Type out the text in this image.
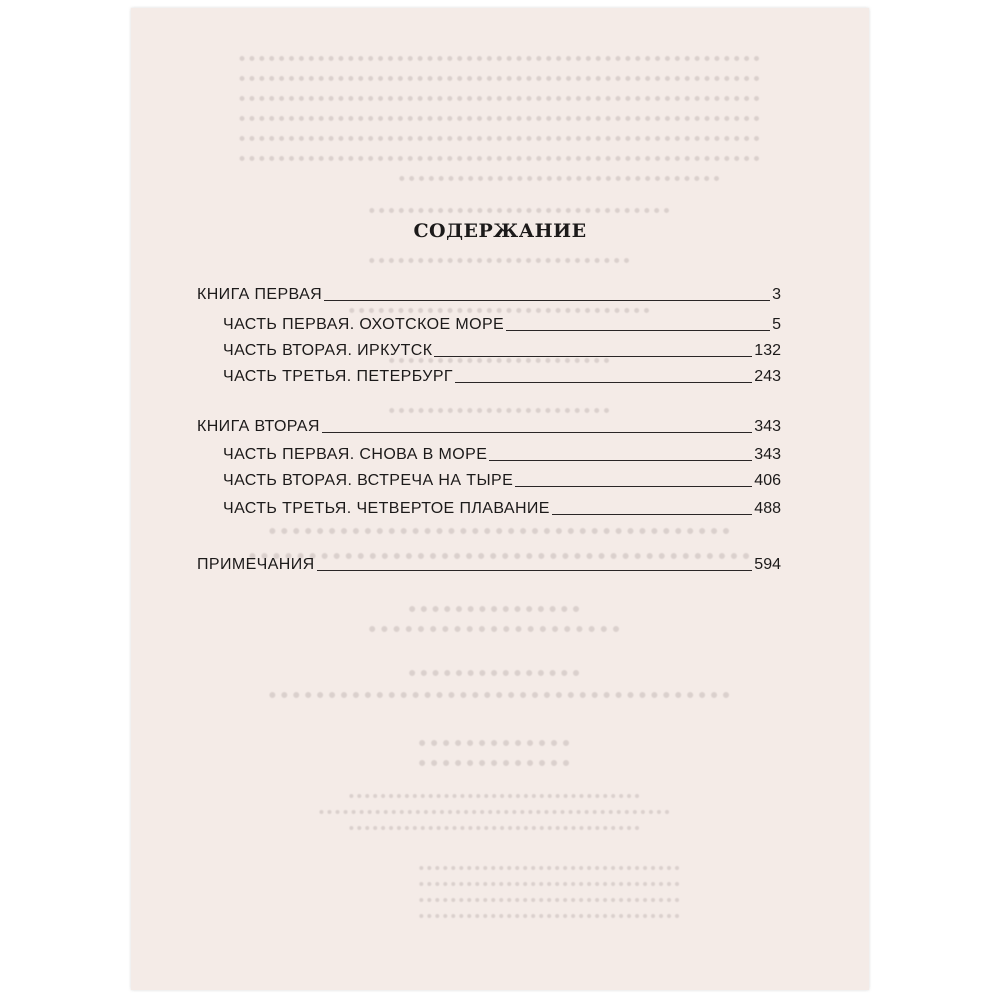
СОДЕРЖАНИЕ
КНИГА ПЕРВАЯ	3
ЧАСТЬ ПЕРВАЯ. ОХОТСКОЕ МОРЕ	5
ЧАСТЬ ВТОРАЯ. ИРКУТСК	132
ЧАСТЬ ТРЕТЬЯ. ПЕТЕРБУРГ	243
КНИГА ВТОРАЯ	343
ЧАСТЬ ПЕРВАЯ. СНОВА В МОРЕ	343
ЧАСТЬ ВТОРАЯ. ВСТРЕЧА НА ТЫРЕ	406
ЧАСТЬ ТРЕТЬЯ. ЧЕТВЕРТОЕ ПЛАВАНИЕ	488
ПРИМЕЧАНИЯ	594
